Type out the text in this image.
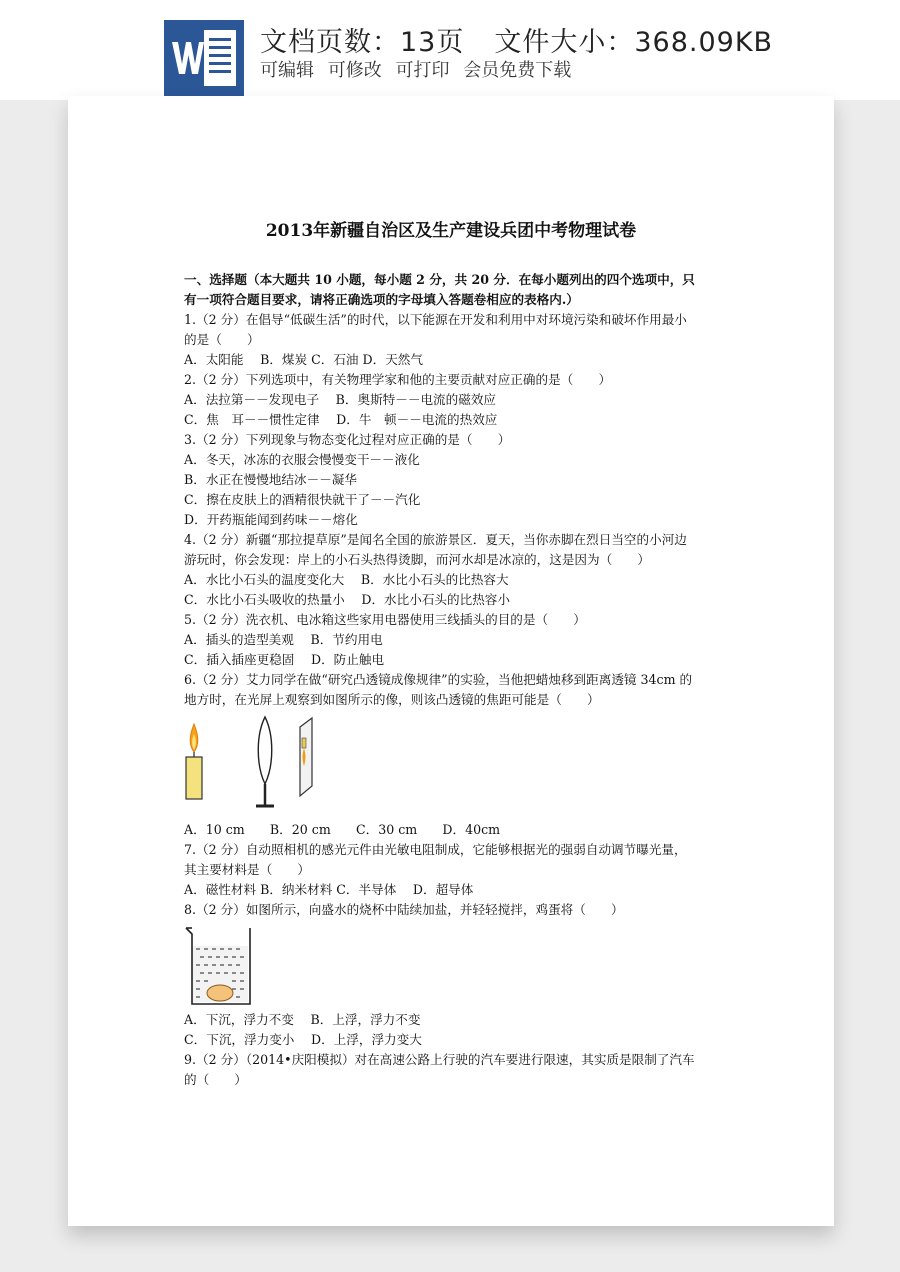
文档页数：13页 文件大小：368.09KB
可编辑 可修改 可打印 会员免费下载
2013年新疆自治区及生产建设兵团中考物理试卷
一、选择题（本大题共 10 小题，每小题 2 分，共 20 分．在每小题列出的四个选项中，只
有一项符合题目要求，请将正确选项的字母填入答题卷相应的表格内.）
1.（2 分）在倡导“低碳生活”的时代，以下能源在开发和利用中对环境污染和破坏作用最小
的是（　　）
A．太阳能　 B．煤炭 C．石油 D．天然气
2.（2 分）下列选项中，有关物理学家和他的主要贡献对应正确的是（　　）
A．法拉第－－发现电子　 B．奥斯特－－电流的磁效应
C．焦　耳－－惯性定律　 D．牛　顿－－电流的热效应
3.（2 分）下列现象与物态变化过程对应正确的是（　　）
A．冬天，冰冻的衣服会慢慢变干－－液化
B．水正在慢慢地结冰－－凝华
C．擦在皮肤上的酒精很快就干了－－汽化
D．开药瓶能闻到药味－－熔化
4.（2 分）新疆“那拉提草原”是闻名全国的旅游景区．夏天，当你赤脚在烈日当空的小河边
游玩时，你会发现：岸上的小石头热得烫脚，而河水却是冰凉的，这是因为（　　）
A．水比小石头的温度变化大　 B．水比小石头的比热容大
C．水比小石头吸收的热量小　 D．水比小石头的比热容小
5.（2 分）洗衣机、电冰箱这些家用电器使用三线插头的目的是（　　）
A．插头的造型美观　 B．节约用电
C．插入插座更稳固　 D．防止触电
6.（2 分）艾力同学在做“研究凸透镜成像规律”的实验，当他把蜡烛移到距离透镜 34cm 的
地方时，在光屏上观察到如图所示的像，则该凸透镜的焦距可能是（　　）
A．10 cm　　B．20 cm　　C．30 cm　　D．40cm
7.（2 分）自动照相机的感光元件由光敏电阻制成，它能够根据光的强弱自动调节曝光量，
其主要材料是（　　）
A．磁性材料 B．纳米材料 C．半导体　 D．超导体
8.（2 分）如图所示，向盛水的烧杯中陆续加盐，并轻轻搅拌，鸡蛋将（　　）
A．下沉，浮力不变　 B．上浮，浮力不变
C．下沉，浮力变小　 D．上浮，浮力变大
9.（2 分）（2014•庆阳模拟）对在高速公路上行驶的汽车要进行限速，其实质是限制了汽车
的（　　）
